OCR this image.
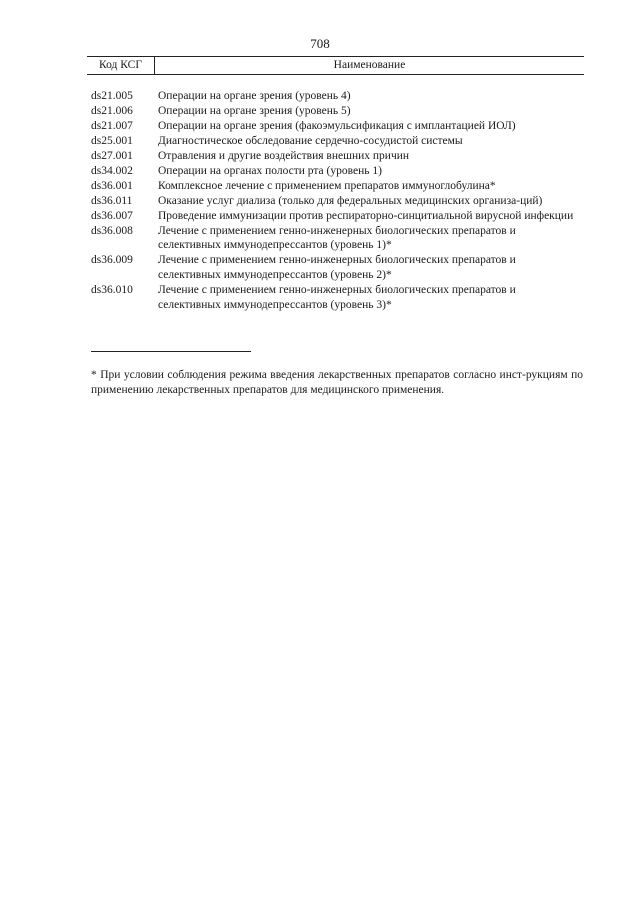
708
Код КСГ	Наименование
ds21.005	Операции на органе зрения (уровень 4)
ds21.006	Операции на органе зрения (уровень 5)
ds21.007	Операции на органе зрения (факоэмульсификация с имплантацией ИОЛ)
ds25.001	Диагностическое обследование сердечно-сосудистой системы
ds27.001	Отравления и другие воздействия внешних причин
ds34.002	Операции на органах полости рта (уровень 1)
ds36.001	Комплексное лечение с применением препаратов иммуноглобулина*
ds36.011	Оказание услуг диализа (только для федеральных медицинских организа-ций)
ds36.007	Проведение иммунизации против респираторно-синцитиальной вирусной инфекции
ds36.008	Лечение с применением генно-инженерных биологических препаратов и селективных иммунодепрессантов (уровень 1)*
ds36.009	Лечение с применением генно-инженерных биологических препаратов и селективных иммунодепрессантов (уровень 2)*
ds36.010	Лечение с применением генно-инженерных биологических препаратов и селективных иммунодепрессантов (уровень 3)*
* При условии соблюдения режима введения лекарственных препаратов согласно инст-рукциям по применению лекарственных препаратов для медицинского применения.
